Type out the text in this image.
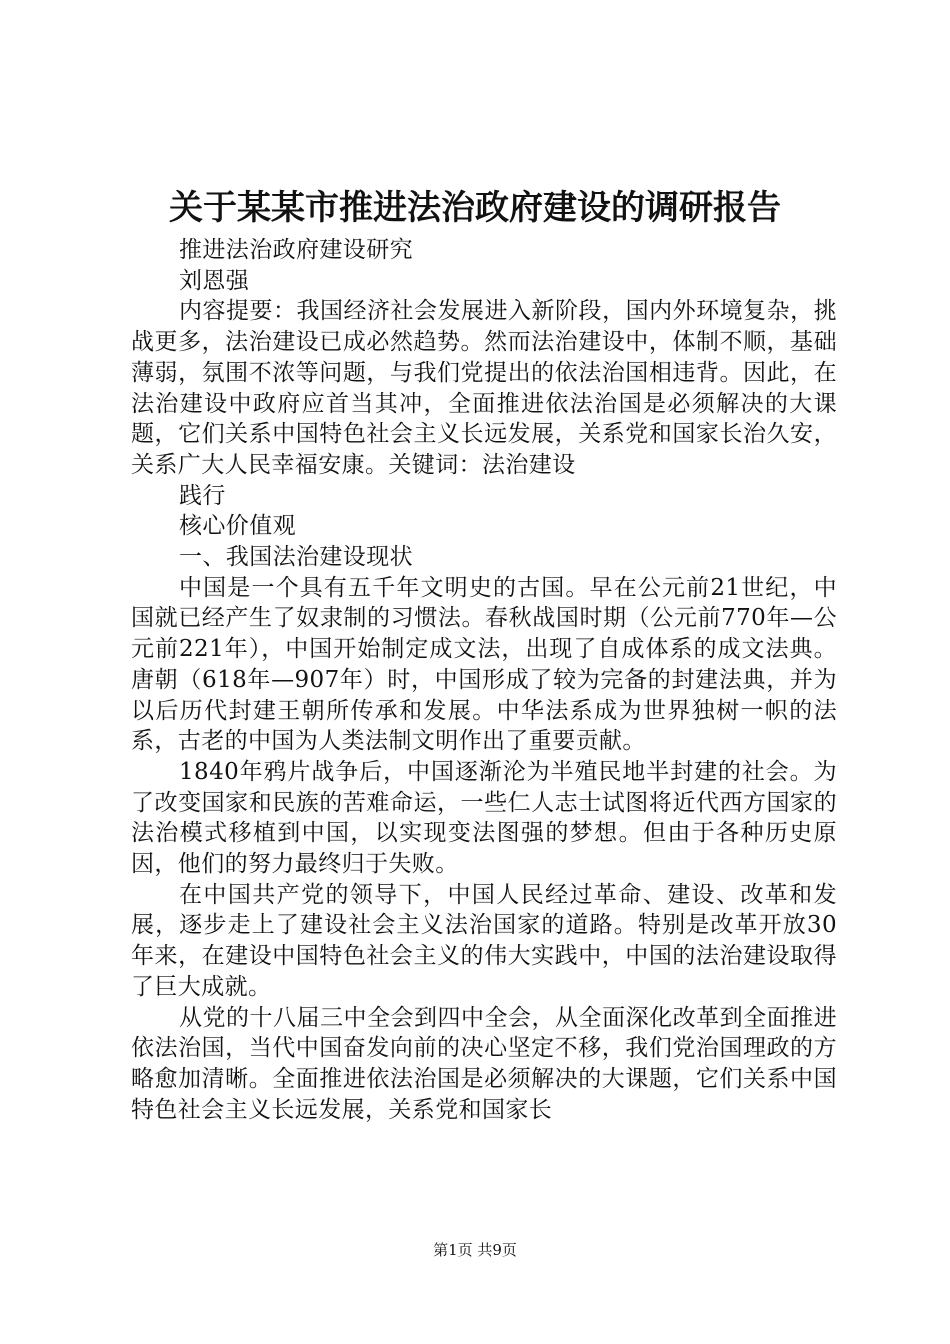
关于某某市推进法治政府建设的调研报告

推进法治政府建设研究

刘恩强

内容提要：我国经济社会发展进入新阶段，国内外环境复杂，挑战更多，法治建设已成必然趋势。然而法治建设中，体制不顺，基础薄弱，氛围不浓等问题，与我们党提出的依法治国相违背。因此，在法治建设中政府应首当其冲，全面推进依法治国是必须解决的大课题，它们关系中国特色社会主义长远发展，关系党和国家长治久安，关系广大人民幸福安康。关键词：法治建设

践行

核心价值观

一、我国法治建设现状

中国是一个具有五千年文明史的古国。早在公元前21世纪，中国就已经产生了奴隶制的习惯法。春秋战国时期（公元前770年—公元前221年），中国开始制定成文法，出现了自成体系的成文法典。唐朝（618年—907年）时，中国形成了较为完备的封建法典，并为以后历代封建王朝所传承和发展。中华法系成为世界独树一帜的法系，古老的中国为人类法制文明作出了重要贡献。

1840年鸦片战争后，中国逐渐沦为半殖民地半封建的社会。为了改变国家和民族的苦难命运，一些仁人志士试图将近代西方国家的法治模式移植到中国，以实现变法图强的梦想。但由于各种历史原因，他们的努力最终归于失败。

在中国共产党的领导下，中国人民经过革命、建设、改革和发展，逐步走上了建设社会主义法治国家的道路。特别是改革开放30年来，在建设中国特色社会主义的伟大实践中，中国的法治建设取得了巨大成就。

从党的十八届三中全会到四中全会，从全面深化改革到全面推进依法治国，当代中国奋发向前的决心坚定不移，我们党治国理政的方略愈加清晰。全面推进依法治国是必须解决的大课题，它们关系中国特色社会主义长远发展，关系党和国家长

第1页 共9页
